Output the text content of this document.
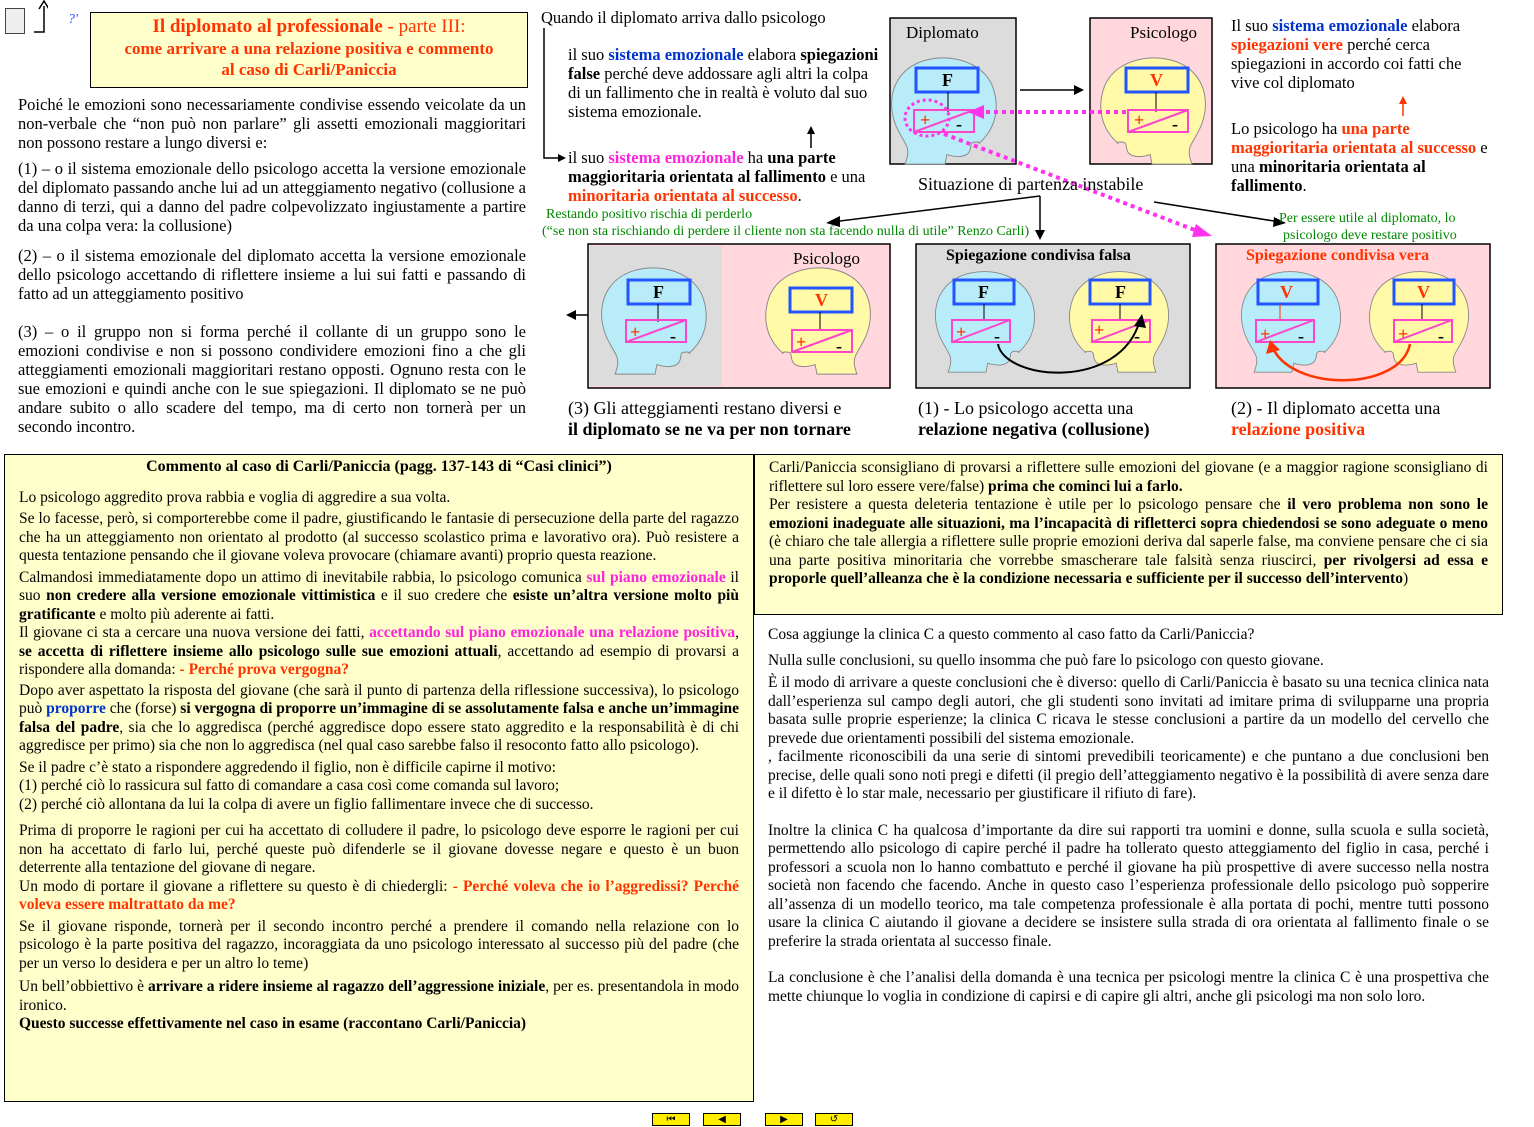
?'	Il diplomato al professionale - parte III:
come arrivare a una relazione positiva e commento
al caso di Carli/Paniccia
Poiché le emozioni sono necessariamente condivise essendo veicolate da un non-verbale che “non può non parlare” gli assetti emozionali maggioritari non possono restare a lungo diversi e:
(1) – o il sistema emozionale dello psicologo accetta la versione emozionale del diplomato passando anche lui ad un atteggiamento negativo (collusione a danno di terzi, qui a danno del padre colpevolizzato ingiustamente a partire da una colpa vera: la collusione)
(2) – o il sistema emozionale del diplomato accetta la versione emozionale dello psicologo accettando di riflettere insieme a lui sui fatti e passando di fatto ad un atteggiamento positivo
(3) – o il gruppo non si forma perché il collante di un gruppo sono le emozioni condivise e non si possono condividere emozioni fino a che gli atteggiamenti emozionali maggioritari restano opposti. Ognuno resta con le sue emozioni e quindi anche con le sue spiegazioni. Il diplomato se ne può andare subito o allo scadere del tempo, ma di certo non tornerà per un secondo incontro.
Quando il diplomato arriva dallo psicologo
il suo sistema emozionale elabora spiegazioni false perché deve addossare agli altri la colpa di un fallimento che in realtà è voluto dal suo sistema emozionale.
il suo sistema emozionale ha una parte maggioritaria orientata al fallimento e una minoritaria orientata al successo.
Il suo sistema emozionale elabora spiegazioni vere perché cerca spiegazioni in accordo coi fatti che vive col diplomato
Lo psicologo ha una parte maggioritaria orientata al successo e una minoritaria orientata al fallimento.
Diplomato
F
+ -
Psicologo
V
+ -
Situazione di partenza instabile
Restando positivo rischia di perderlo
(“se non sta rischiando di perdere il cliente non sta facendo nulla di utile” Renzo Carli)
Per essere utile al diplomato, lo
psicologo deve restare positivo
Psicologo
F
+ -
V
+ -
Spiegazione condivisa falsa
F
+ -
F
+ -
Spiegazione condivisa vera
V
+ -
V
+ -
(3) Gli atteggiamenti restano diversi e
il diplomato se ne va per non tornare
(1) - Lo psicologo accetta una
relazione negativa (collusione)
(2) - Il diplomato accetta una
relazione positiva
Commento al caso di Carli/Paniccia (pagg. 137-143 di “Casi clinici”)
Lo psicologo aggredito prova rabbia e voglia di aggredire a sua volta.
Se lo facesse, però, si comporterebbe come il padre, giustificando le fantasie di persecuzione della parte del ragazzo che ha un atteggiamento non orientato al prodotto (al successo scolastico prima e lavorativo ora). Può resistere a questa tentazione pensando che il giovane voleva provocare (chiamare avanti) proprio questa reazione.
Calmandosi immediatamente dopo un attimo di inevitabile rabbia, lo psicologo comunica sul piano emozionale il suo non credere alla versione emozionale vittimistica e il suo credere che esiste un’altra versione molto più gratificante e molto più aderente ai fatti.
Il giovane ci sta a cercare una nuova versione dei fatti, accettando sul piano emozionale una relazione positiva, se accetta di riflettere insieme allo psicologo sulle sue emozioni attuali, accettando ad esempio di provarsi a rispondere alla domanda: - Perché prova vergogna?
Dopo aver aspettato la risposta del giovane (che sarà il punto di partenza della riflessione successiva), lo psicologo può proporre che (forse) si vergogna di proporre un’immagine di se assolutamente falsa e anche un’immagine falsa del padre, sia che lo aggredisca (perché aggredisce dopo essere stato aggredito e la responsabilità è di chi aggredisce per primo) sia che non lo aggredisca (nel qual caso sarebbe falso il resoconto fatto allo psicologo).
Se il padre c’è stato a rispondere aggredendo il figlio, non è difficile capirne il motivo:
(1) perché ciò lo rassicura sul fatto di comandare a casa così come comanda sul lavoro;
(2) perché ciò allontana da lui la colpa di avere un figlio fallimentare invece che di successo.
Prima di proporre le ragioni per cui ha accettato di colludere il padre, lo psicologo deve esporre le ragioni per cui non ha accettato di farlo lui, perché queste può difenderle se il giovane dovesse negare e questo è un buon deterrente alla tentazione del giovane di negare.
Un modo di portare il giovane a riflettere su questo è di chiedergli: - Perché voleva che io l’aggredissi? Perché voleva essere maltrattato da me?
Se il giovane risponde, tornerà per il secondo incontro perché a prendere il comando nella relazione con lo psicologo è la parte positiva del ragazzo, incoraggiata da uno psicologo interessato al successo più del padre (che per un verso lo desidera e per un altro lo teme)
Un bell’obbiettivo è arrivare a ridere insieme al ragazzo dell’aggressione iniziale, per es. presentandola in modo ironico.
Questo successe effettivamente nel caso in esame (raccontano Carli/Paniccia)
Carli/Paniccia sconsigliano di provarsi a riflettere sulle emozioni del giovane (e a maggior ragione sconsigliano di riflettere sul loro essere vere/false) prima che cominci lui a farlo.
Per resistere a questa deleteria tentazione è utile per lo psicologo pensare che il vero problema non sono le emozioni inadeguate alle situazioni, ma l’incapacità di rifletterci sopra chiedendosi se sono adeguate o meno (è chiaro che tale allergia a riflettere sulle proprie emozioni deriva dal saperle false, ma conviene pensare che ci sia una parte positiva minoritaria che vorrebbe smascherare tale falsità senza riuscirci, per rivolgersi ad essa e proporle quell’alleanza che è la condizione necessaria e sufficiente per il successo dell’intervento)
Cosa aggiunge la clinica C a questo commento al caso fatto da Carli/Paniccia?
Nulla sulle conclusioni, su quello insomma che può fare lo psicologo con questo giovane.
È il modo di arrivare a queste conclusioni che è diverso: quello di Carli/Paniccia è basato su una tecnica clinica nata dall’esperienza sul campo degli autori, che gli studenti sono invitati ad imitare prima di svilupparne una propria basata sulle proprie esperienze; la clinica C ricava le stesse conclusioni a partire da un modello del cervello che prevede due orientamenti possibili del sistema emozionale.
, facilmente riconoscibili da una serie di sintomi prevedibili teoricamente) e che puntano a due conclusioni ben precise, delle quali sono noti pregi e difetti (il pregio dell’atteggiamento negativo è la possibilità di avere senza dare e il difetto è lo star male, necessario per giustificare il rifiuto di fare).
Inoltre la clinica C ha qualcosa d’importante da dire sui rapporti tra uomini e donne, sulla scuola e sulla società, permettendo allo psicologo di capire perché il padre ha tollerato questo atteggiamento del figlio in casa, perché i professori a scuola non lo hanno combattuto e perché il giovane ha più prospettive di avere successo nella nostra società non facendo che facendo. Anche in questo caso l’esperienza professionale dello psicologo può sopperire all’assenza di un modello teorico, ma tale competenza professionale è alla portata di pochi, mentre tutti possono usare la clinica C aiutando il giovane a decidere se insistere sulla strada di ora orientata al fallimento finale o se preferire la strada orientata al successo finale.
La conclusione è che l’analisi della domanda è una tecnica per psicologi mentre la clinica C è una prospettiva che mette chiunque lo voglia in condizione di capirsi e di capire gli altri, anche gli psicologi ma non solo loro.
⏮	◀	▶	↺
